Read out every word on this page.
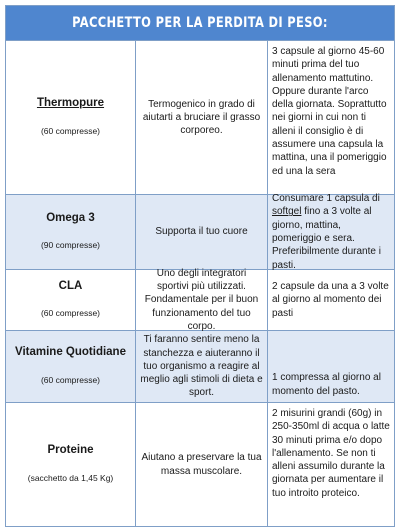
PACCHETTO PER LA PERDITA DI PESO:
Thermopure
(60 compresse)
Termogenico in grado di aiutarti a bruciare il grasso corporeo.
3 capsule al giorno 45-60 minuti prima del tuo allenamento mattutino. Oppure durante l'arco della giornata. Soprattutto nei giorni in cui non ti alleni il consiglio è di assumere una capsula la mattina, una il pomeriggio ed una la sera
Omega 3
(90 compresse)
Supporta il tuo cuore
Consumare 1 capsula di softgel fino a 3 volte al giorno, mattina, pomeriggio e sera. Preferibilmente durante i pasti.
CLA
(60 compresse)
Uno degli integratori sportivi più utilizzati. Fondamentale per il buon funzionamento del tuo corpo.
2 capsule da una a 3 volte al giorno al momento dei pasti
Vitamine Quotidiane
(60 compresse)
Ti faranno sentire meno la stanchezza e aiuteranno il tuo organismo a reagire al meglio agli stimoli di dieta e sport.
1 compressa al giorno al momento del pasto.
Proteine
(sacchetto da 1,45 Kg)
Aiutano a preservare la tua massa muscolare.
2 misurini grandi (60g) in 250-350ml di acqua o latte 30 minuti prima e/o dopo l'allenamento. Se non ti alleni assumilo durante la giornata per aumentare il tuo introito proteico.
